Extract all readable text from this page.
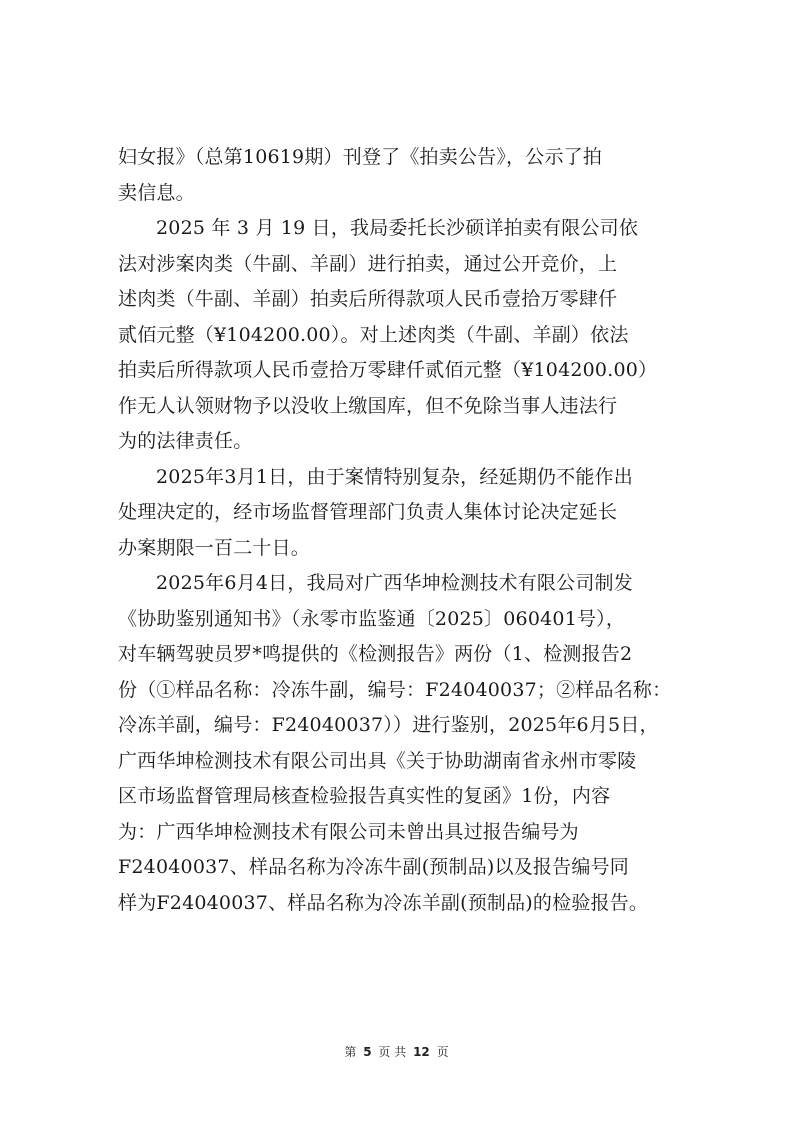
妇女报》（总第10619期）刊登了《拍卖公告》，公示了拍
卖信息。
2025 年 3 月 19 日，我局委托长沙硕详拍卖有限公司依
法对涉案肉类（牛副、羊副）进行拍卖，通过公开竞价，上
述肉类（牛副、羊副）拍卖后所得款项人民币壹拾万零肆仟
贰佰元整（¥104200.00）。对上述肉类（牛副、羊副）依法
拍卖后所得款项人民币壹拾万零肆仟贰佰元整（¥104200.00）
作无人认领财物予以没收上缴国库，但不免除当事人违法行
为的法律责任。
2025年3月1日，由于案情特别复杂，经延期仍不能作出
处理决定的，经市场监督管理部门负责人集体讨论决定延长
办案期限一百二十日。
2025年6月4日，我局对广西华坤检测技术有限公司制发
《协助鉴别通知书》（永零市监鉴通〔2025〕060401号），
对车辆驾驶员罗*鸣提供的《检测报告》两份（1、检测报告2
份（①样品名称：冷冻牛副，编号：F24040037；②样品名称：
冷冻羊副，编号：F24040037））进行鉴别，2025年6月5日，
广西华坤检测技术有限公司出具《关于协助湖南省永州市零陵
区市场监督管理局核查检验报告真实性的复函》1份，内容
为：广西华坤检测技术有限公司未曾出具过报告编号为
F24040037、样品名称为冷冻牛副(预制品)以及报告编号同
样为F24040037、样品名称为冷冻羊副(预制品)的检验报告。
第 5 页 共 12 页
